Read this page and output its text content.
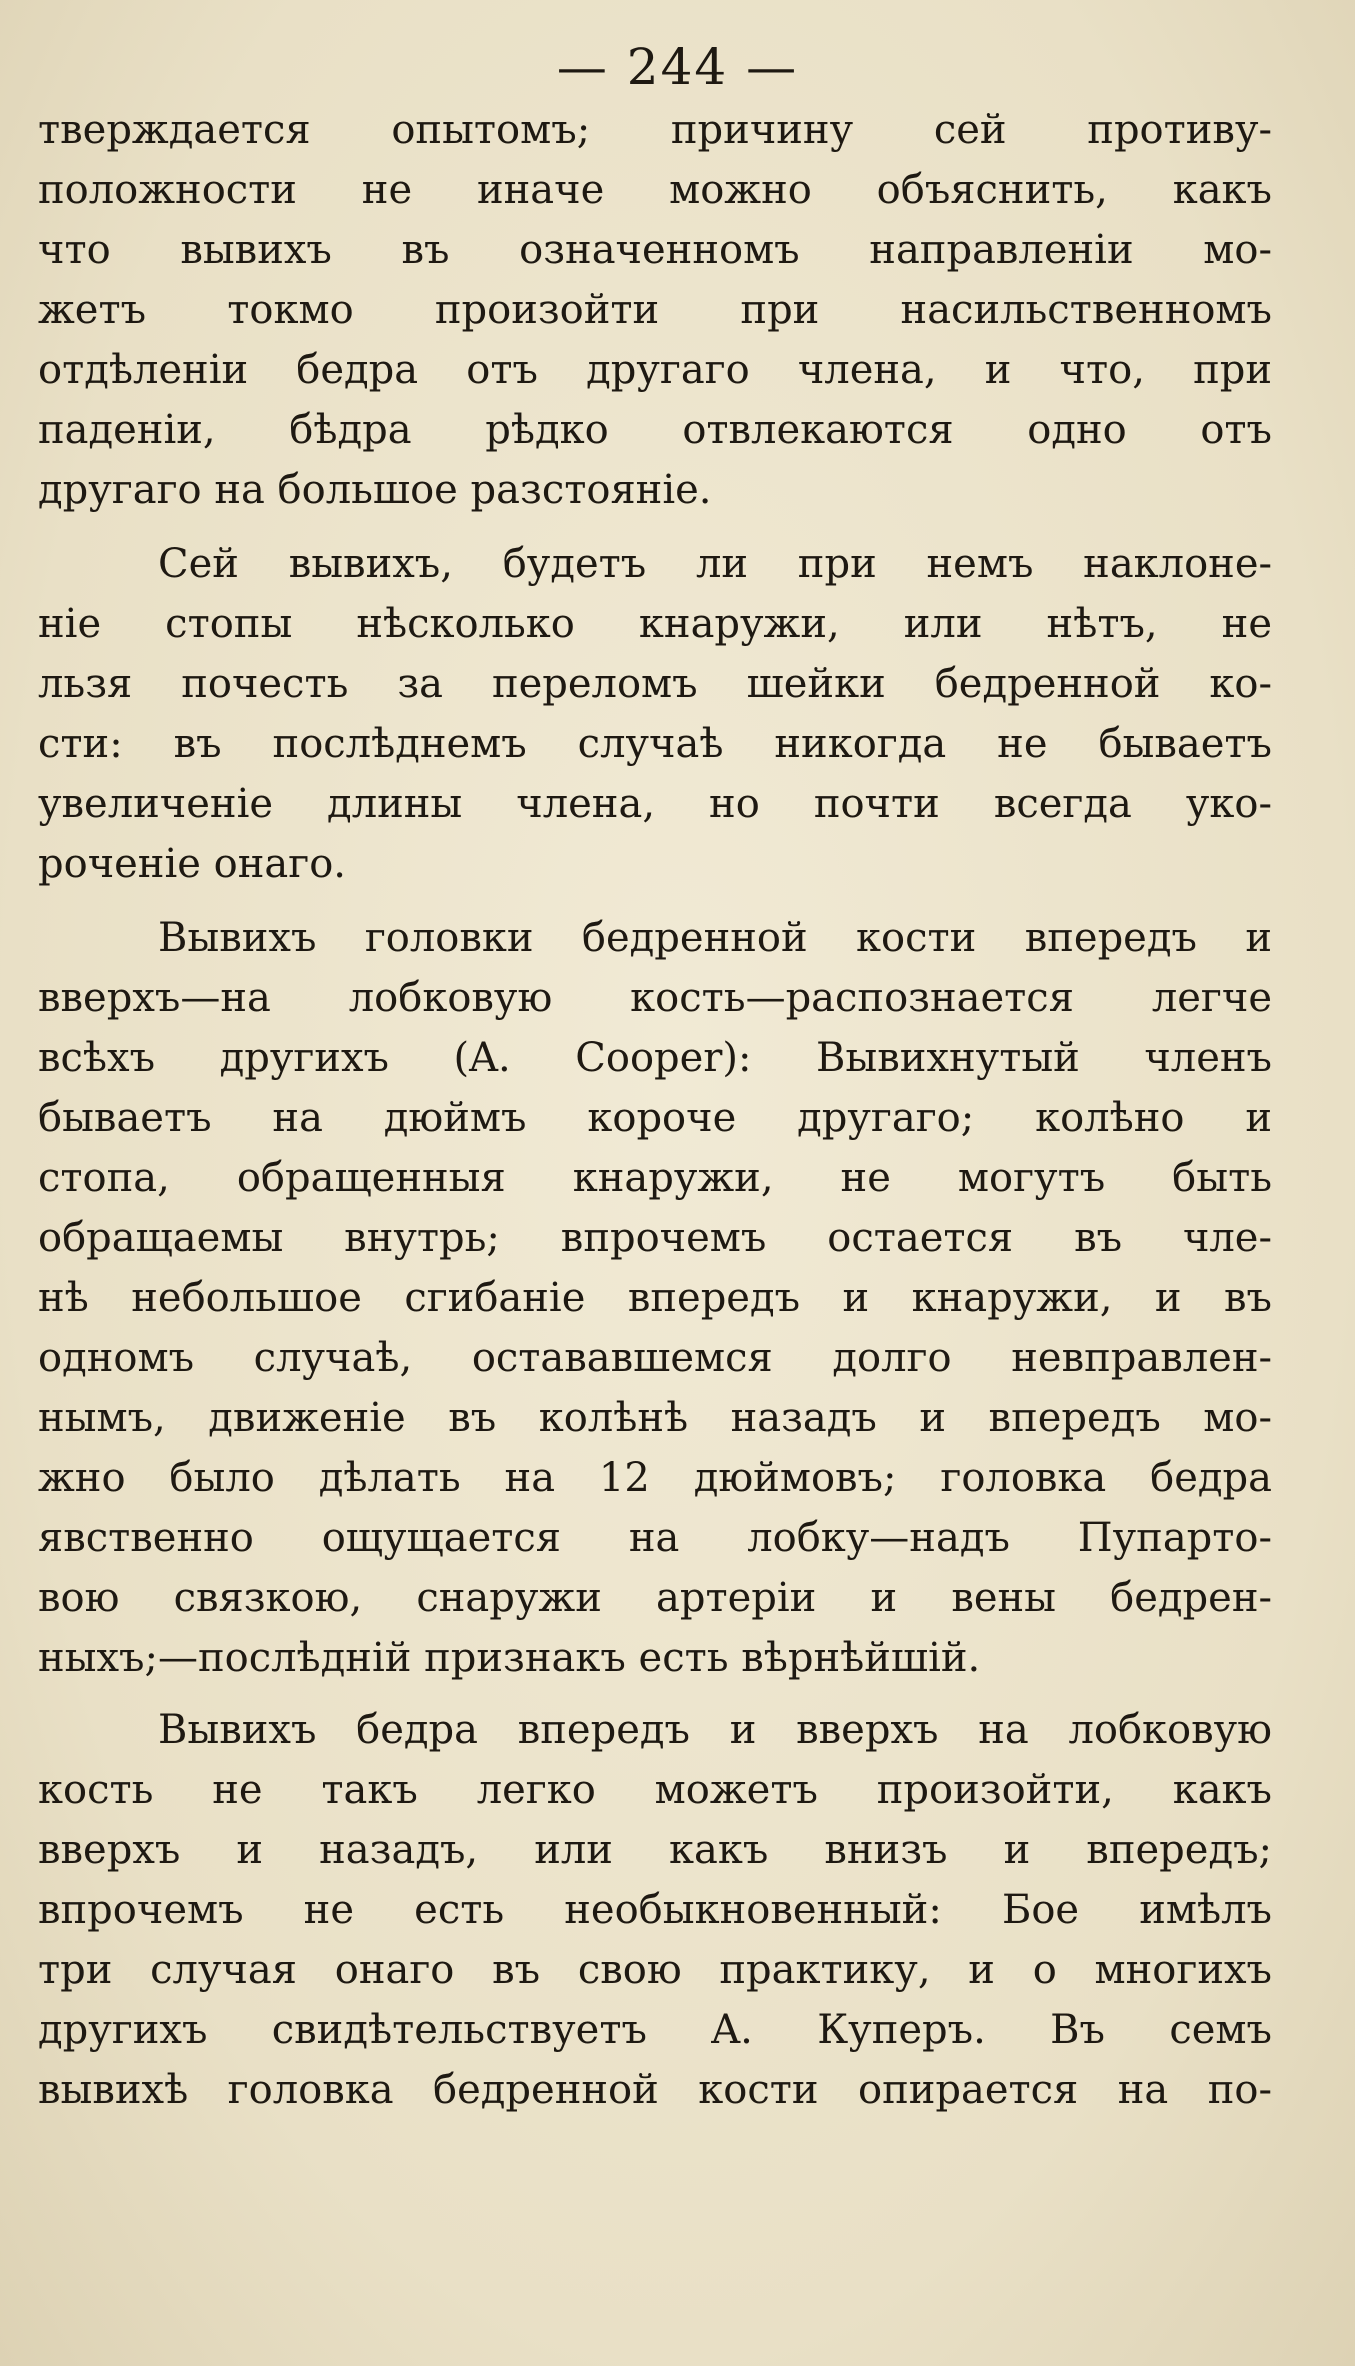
— 244 —
тверждается опытомъ; причину сей противу-
положности не иначе можно объяснить, какъ
что вывихъ въ означенномъ направленіи мо-
жетъ токмо произойти при насильственномъ
отдѣленіи бедра отъ другаго члена, и что, при
паденіи, бѣдра рѣдко отвлекаются одно отъ
другаго на большое разстояніе.
Сей вывихъ, будетъ ли при немъ наклоне-
ніе стопы нѣсколько кнаружи, или нѣтъ, не
льзя почесть за переломъ шейки бедренной ко-
сти: въ послѣднемъ случаѣ никогда не бываетъ
увеличеніе длины члена, но почти всегда уко-
роченіе онаго.
Вывихъ головки бедренной кости впередъ и
вверхъ—на лобковую кость—распознается легче
всѣхъ другихъ (A. Cooper): Вывихнутый членъ
бываетъ на дюймъ короче другаго; колѣно и
стопа, обращенныя кнаружи, не могутъ быть
обращаемы внутрь; впрочемъ остается въ чле-
нѣ небольшое сгибаніе впередъ и кнаружи, и въ
одномъ случаѣ, остававшемся долго невправлен-
нымъ, движеніе въ колѣнѣ назадъ и впередъ мо-
жно было дѣлать на 12 дюймовъ; головка бедра
явственно ощущается на лобку—надъ Пупарто-
вою связкою, снаружи артеріи и вены бедрен-
ныхъ;—послѣдній признакъ есть вѣрнѣйшій.
Вывихъ бедра впередъ и вверхъ на лобковую
кость не такъ легко можетъ произойти, какъ
вверхъ и назадъ, или какъ внизъ и впередъ;
впрочемъ не есть необыкновенный: Бое имѣлъ
три случая онаго въ свою практику, и о многихъ
другихъ свидѣтельствуетъ A. Куперъ. Въ семъ
вывихѣ головка бедренной кости опирается на по-
